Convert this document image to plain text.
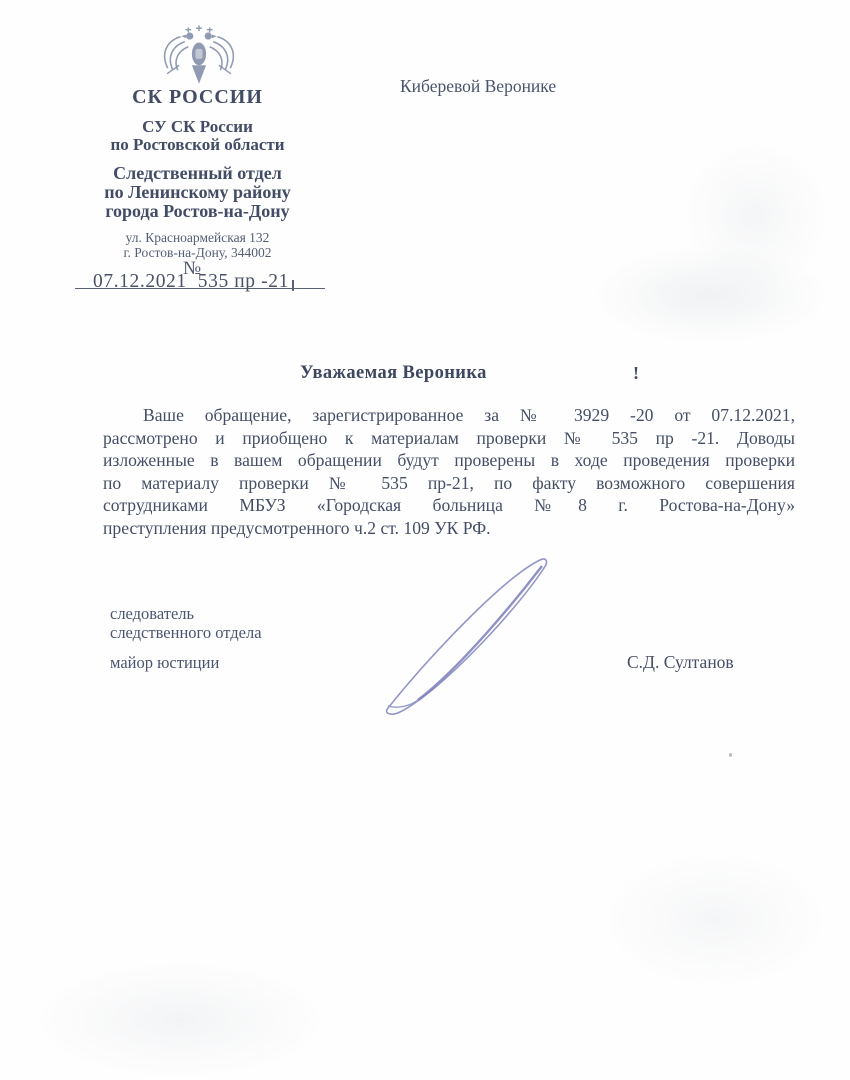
СК РОССИИ
СУ СК России
по Ростовской области
Следственный отдел
по Ленинскому району
города Ростов-на-Дону
ул. Красноармейская 132
г. Ростов-на-Дону, 344002
№
07.12.2021 535 пр -21
Киберевой Веронике
Уважаемая Вероника	!
Ваше обращение, зарегистрированное за № 3929 -20 от 07.12.2021,
рассмотрено и приобщено к материалам проверки № 535 пр -21. Доводы
изложенные в вашем обращении будут проверены в ходе проведения проверки
по материалу проверки № 535 пр-21, по факту возможного совершения
сотрудниками МБУЗ «Городская больница №8 г. Ростова-на-Дону»
преступления предусмотренного ч.2 ст. 109 УК РФ.
следователь
следственного отдела
майор юстиции	С.Д. Султанов
